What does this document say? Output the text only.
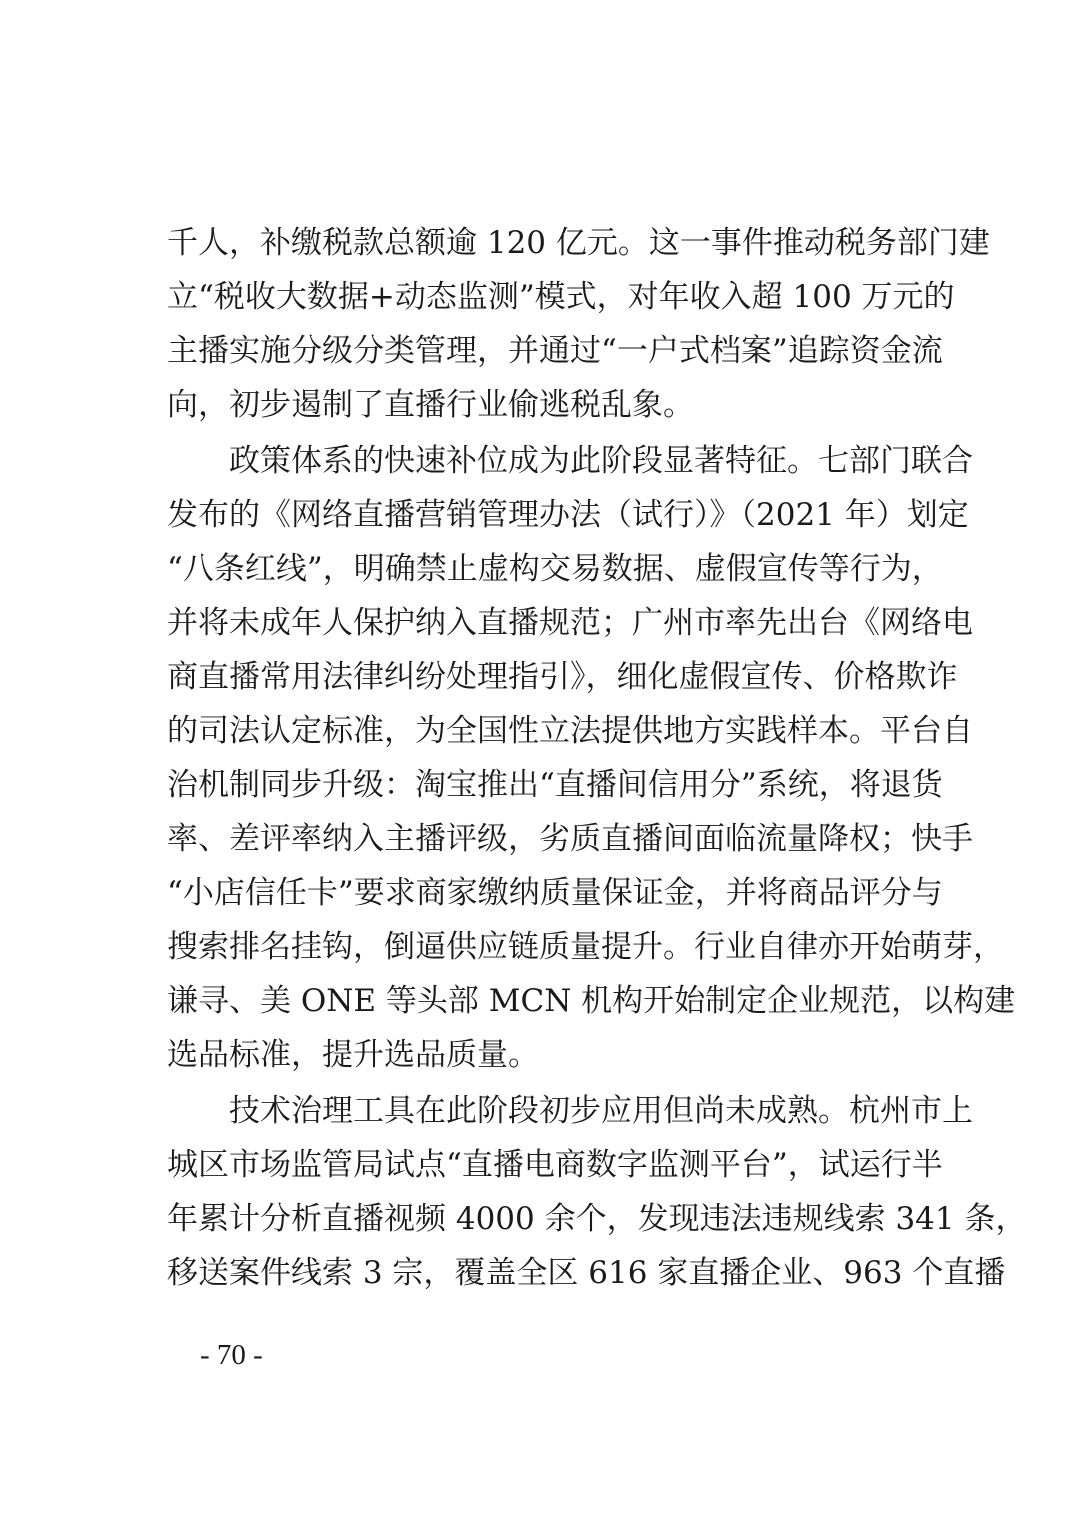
千人，补缴税款总额逾 120 亿元。这一事件推动税务部门建
立“税收大数据+动态监测”模式，对年收入超 100 万元的
主播实施分级分类管理，并通过“一户式档案”追踪资金流
向，初步遏制了直播行业偷逃税乱象。
政策体系的快速补位成为此阶段显著特征。七部门联合
发布的《网络直播营销管理办法（试行）》（2021 年）划定
“八条红线”，明确禁止虚构交易数据、虚假宣传等行为，
并将未成年人保护纳入直播规范；广州市率先出台《网络电
商直播常用法律纠纷处理指引》，细化虚假宣传、价格欺诈
的司法认定标准，为全国性立法提供地方实践样本。平台自
治机制同步升级：淘宝推出“直播间信用分”系统，将退货
率、差评率纳入主播评级，劣质直播间面临流量降权；快手
“小店信任卡”要求商家缴纳质量保证金，并将商品评分与
搜索排名挂钩，倒逼供应链质量提升。行业自律亦开始萌芽，
谦寻、美 ONE 等头部 MCN 机构开始制定企业规范，以构建
选品标准，提升选品质量。
技术治理工具在此阶段初步应用但尚未成熟。杭州市上
城区市场监管局试点“直播电商数字监测平台”，试运行半
年累计分析直播视频 4000 余个，发现违法违规线索 341 条，
移送案件线索 3 宗，覆盖全区 616 家直播企业、963 个直播
- 70 -
